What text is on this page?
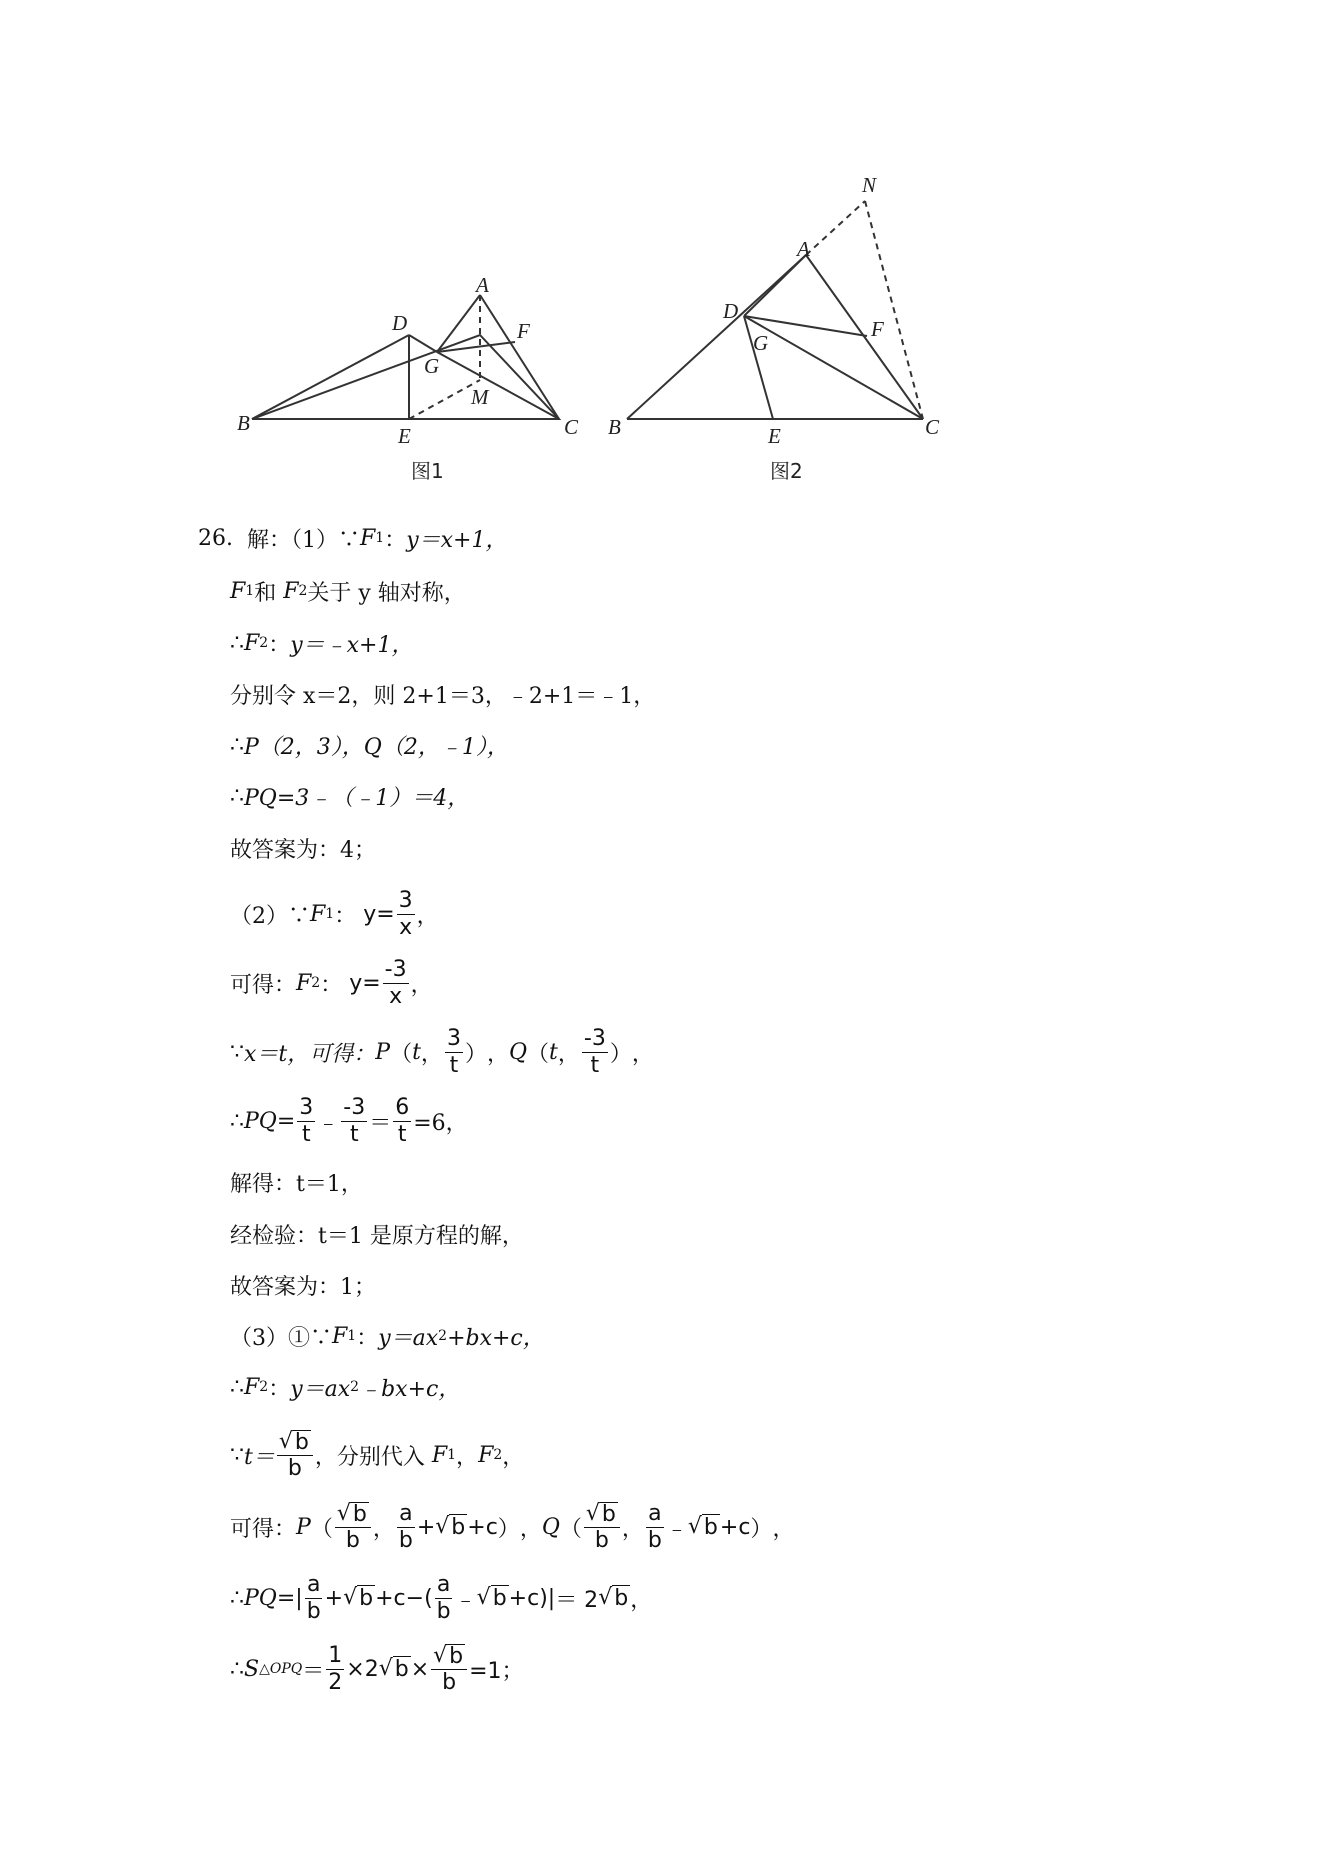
A
B	C
D
E
F
G
M
图1
N
A
B	C
D
E
F
G
图2
26.
解：（1）∵ F 1 ： y＝x+1，
F 1 和
F 2 关于 y 轴对称，
∴ F 2 ： y＝﹣x+1，
分别令 x＝2，则 2+1＝3，﹣2+1＝﹣1，
∴ P（2，3），Q（2，﹣1），
∴ PQ=3﹣（﹣1）＝4，
故答案为：4；
（2）∵ F 1 ：
$y= \frac{3}{x}$ ，
可得： F 2 ：
$y= \frac{-3}{x}$ ，
∵ x＝t，可得： P （ t ， $\frac{3}{t}$ ） ， Q （ t ， $\frac{-3}{t}$ ） ，
∴ $PQ= \frac{3}{t}$ ﹣ $\frac{-3}{t} = \frac{6}{t} =6$，
解得：t＝1，
经检验：t＝1 是原方程的解，
故答案为：1；
（3）①∵ F 1 ： y＝ax 2 +bx+c，
∴ F 2 ： y＝ax 2 ﹣bx+c，
∵ $t= \frac{√ b}{b}$ ，分别代入
F 1 ， F 2 ，
可得： P （ $\frac{√ b}{b}$ ， $\frac{a}{b}$ + √ b +c ） ， Q （ $\frac{√ b}{b}$ ， $\frac{a}{b}$ ﹣ √ b +c ） ，
∴ PQ= | $\frac{a}{b}$ + √ b +c −( $\frac{a}{b}$ ﹣ √ b +c )| ＝ 2 √ b ，
∴ S △OPQ ＝ $\frac{1}{2} \times 2$ √ $b \times \frac{√ b}{b} =1$；
